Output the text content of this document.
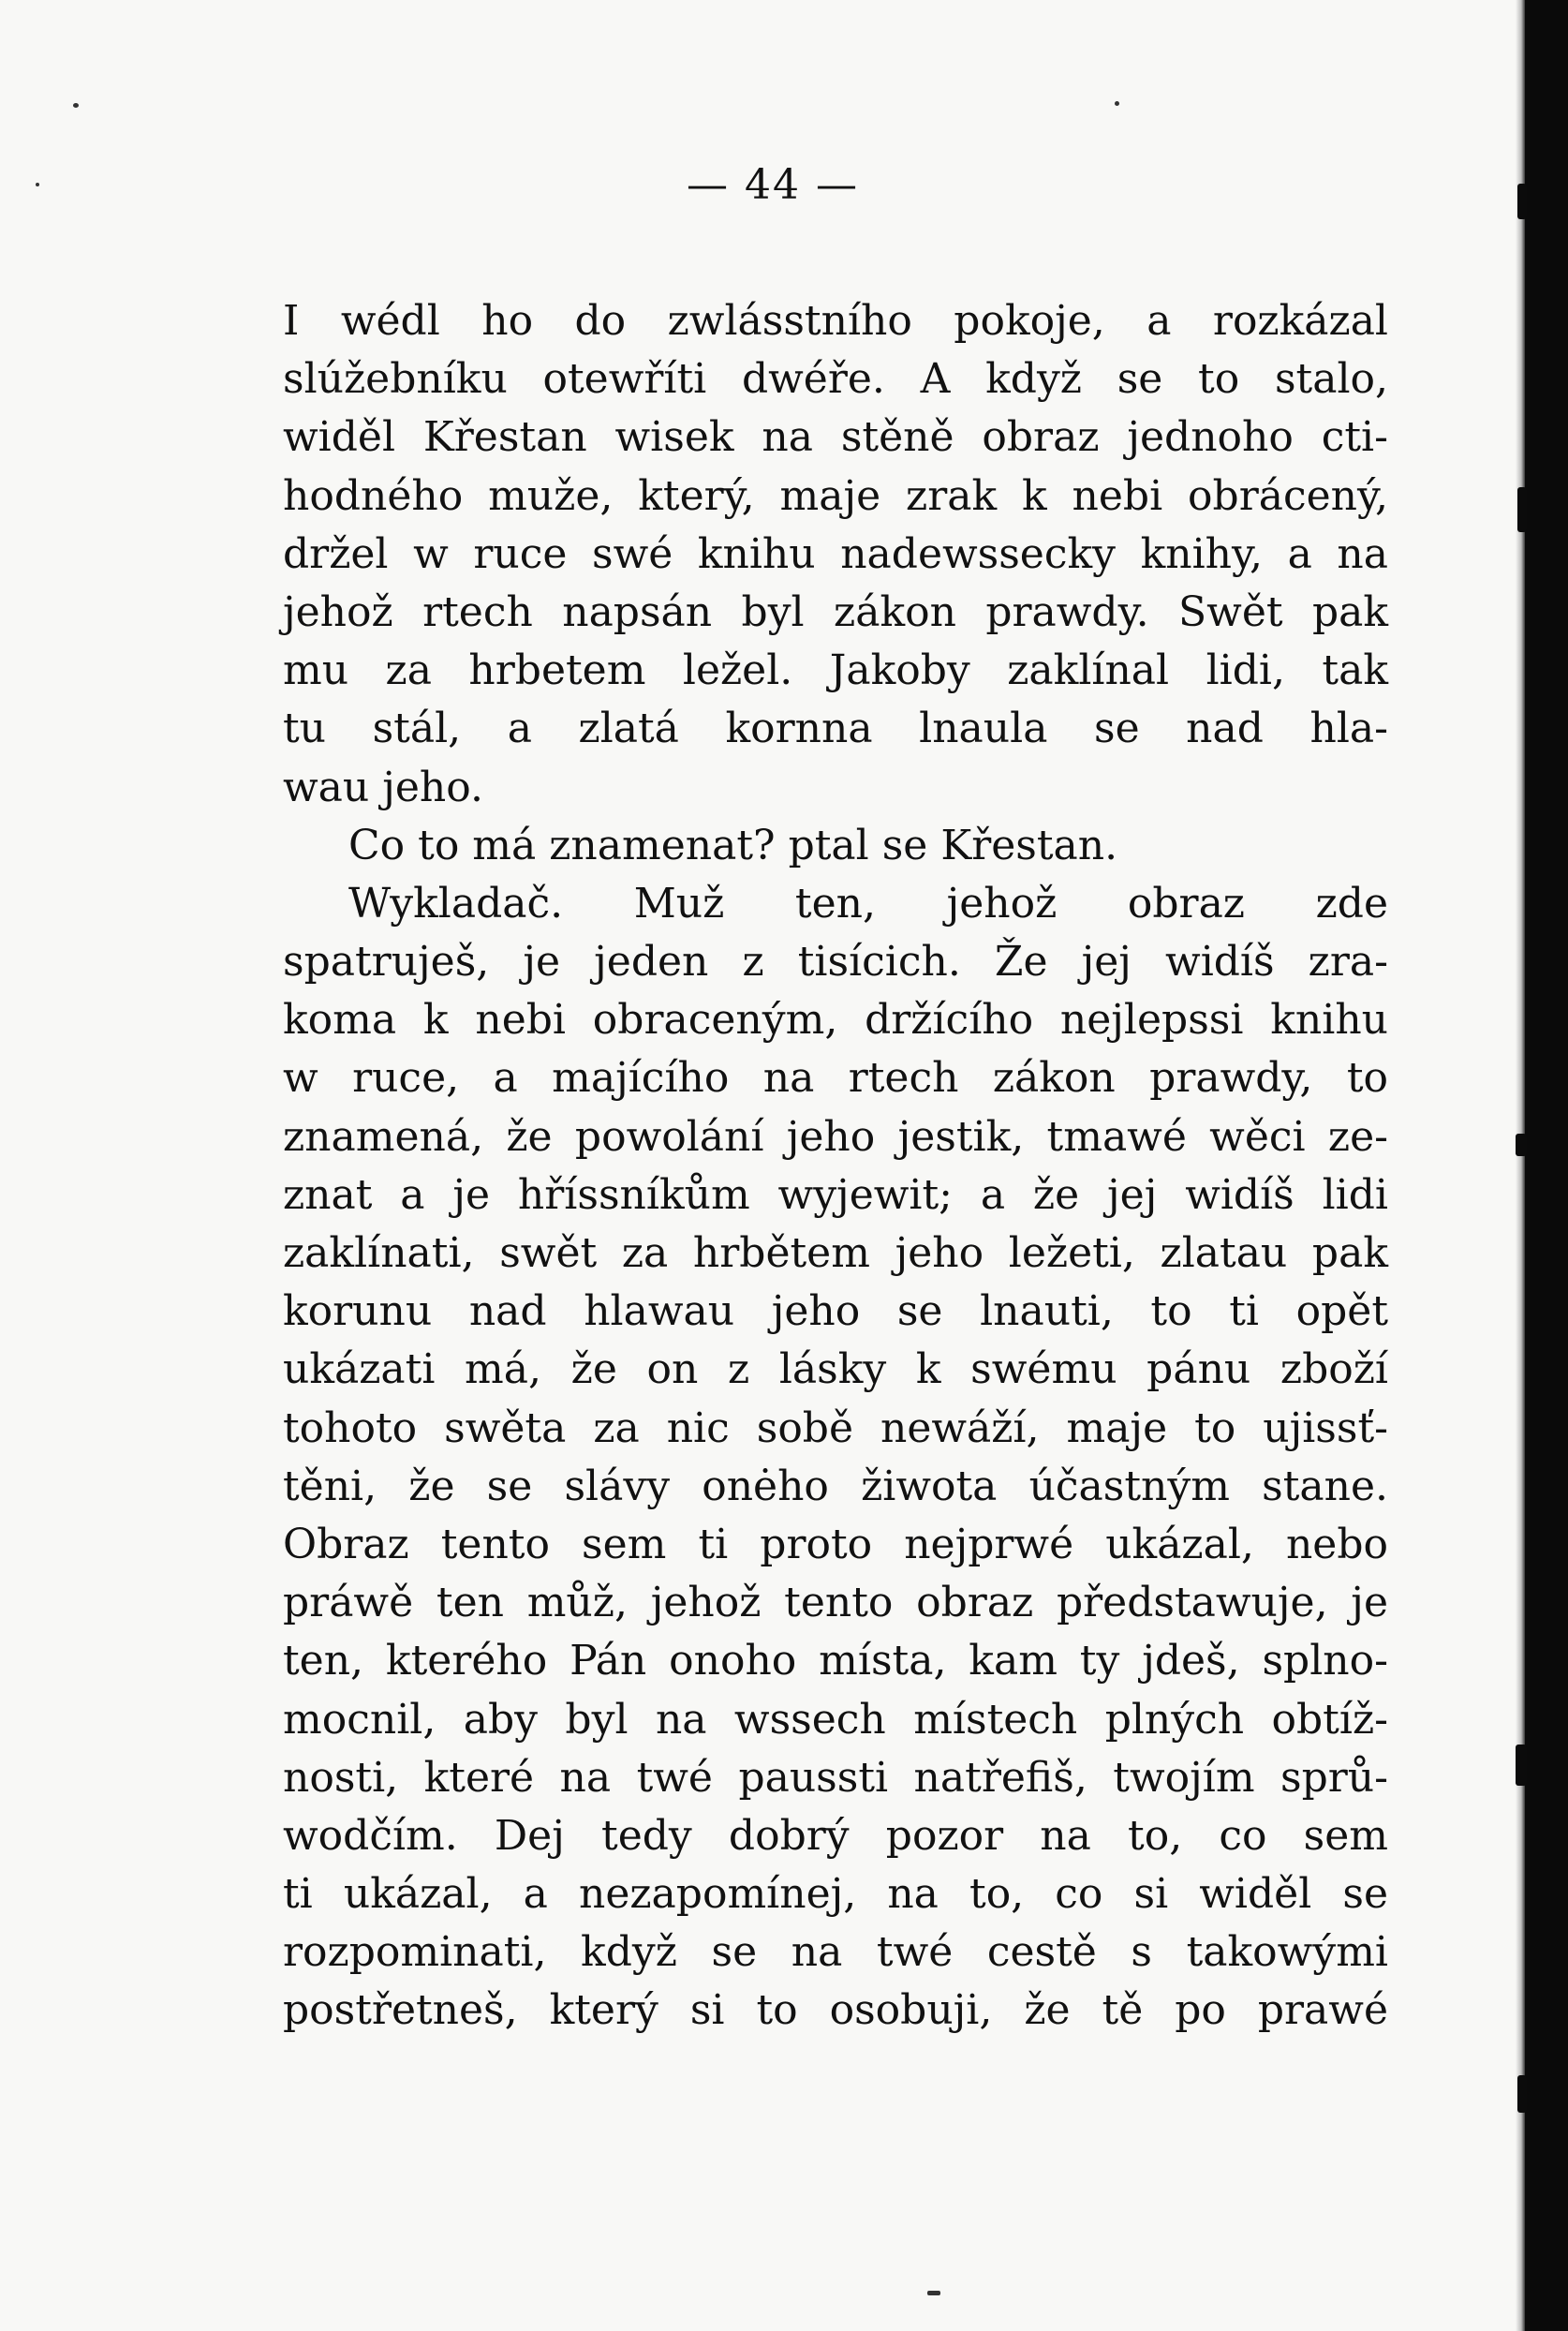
— 44 —
I wédl ho do zwlásstního pokoje, a rozkázal
slúžebníku otewříti dwéře. A když se to stalo,
widěl Křestan wisek na stěně obraz jednoho cti-
hodného muže, který, maje zrak k nebi obrácený,
držel w ruce swé knihu nadewssecky knihy, a na
jehož rtech napsán byl zákon prawdy. Swět pak
mu za hrbetem ležel. Jakoby zaklínal lidi, tak
tu stál, a zlatá kornna lnaula se nad hla-
wau jeho.
Co to má znamenat? ptal se Křestan.
Wykladač. Muž ten, jehož obraz zde
spatruješ, je jeden z tisícich. Že jej widíš zra-
koma k nebi obraceným, držícího nejlepssi knihu
w ruce, a majícího na rtech zákon prawdy, to
znamená, že powolání jeho jestik, tmawé wěci ze-
znat a je hříssníkům wyjewit; a že jej widíš lidi
zaklínati, swět za hrbětem jeho ležeti, zlatau pak
korunu nad hlawau jeho se lnauti, to ti opět
ukázati má, že on z lásky k swému pánu zboží
tohoto swěta za nic sobě newáží, maje to ujissť-
těni, že se slávy onėho žiwota účastným stane.
Obraz tento sem ti proto nejprwé ukázal, nebo
práwě ten můž, jehož tento obraz předstawuje, je
ten, kterého Pán onoho místa, kam ty jdeš, splno-
mocnil, aby byl na wssech místech plných obtíž-
nosti, které na twé paussti natřefiš, twojím sprů-
wodčím. Dej tedy dobrý pozor na to, co sem
ti ukázal, a nezapomínej, na to, co si widěl se
rozpominati, když se na twé cestě s takowými
postřetneš, který si to osobuji, že tě po prawé
